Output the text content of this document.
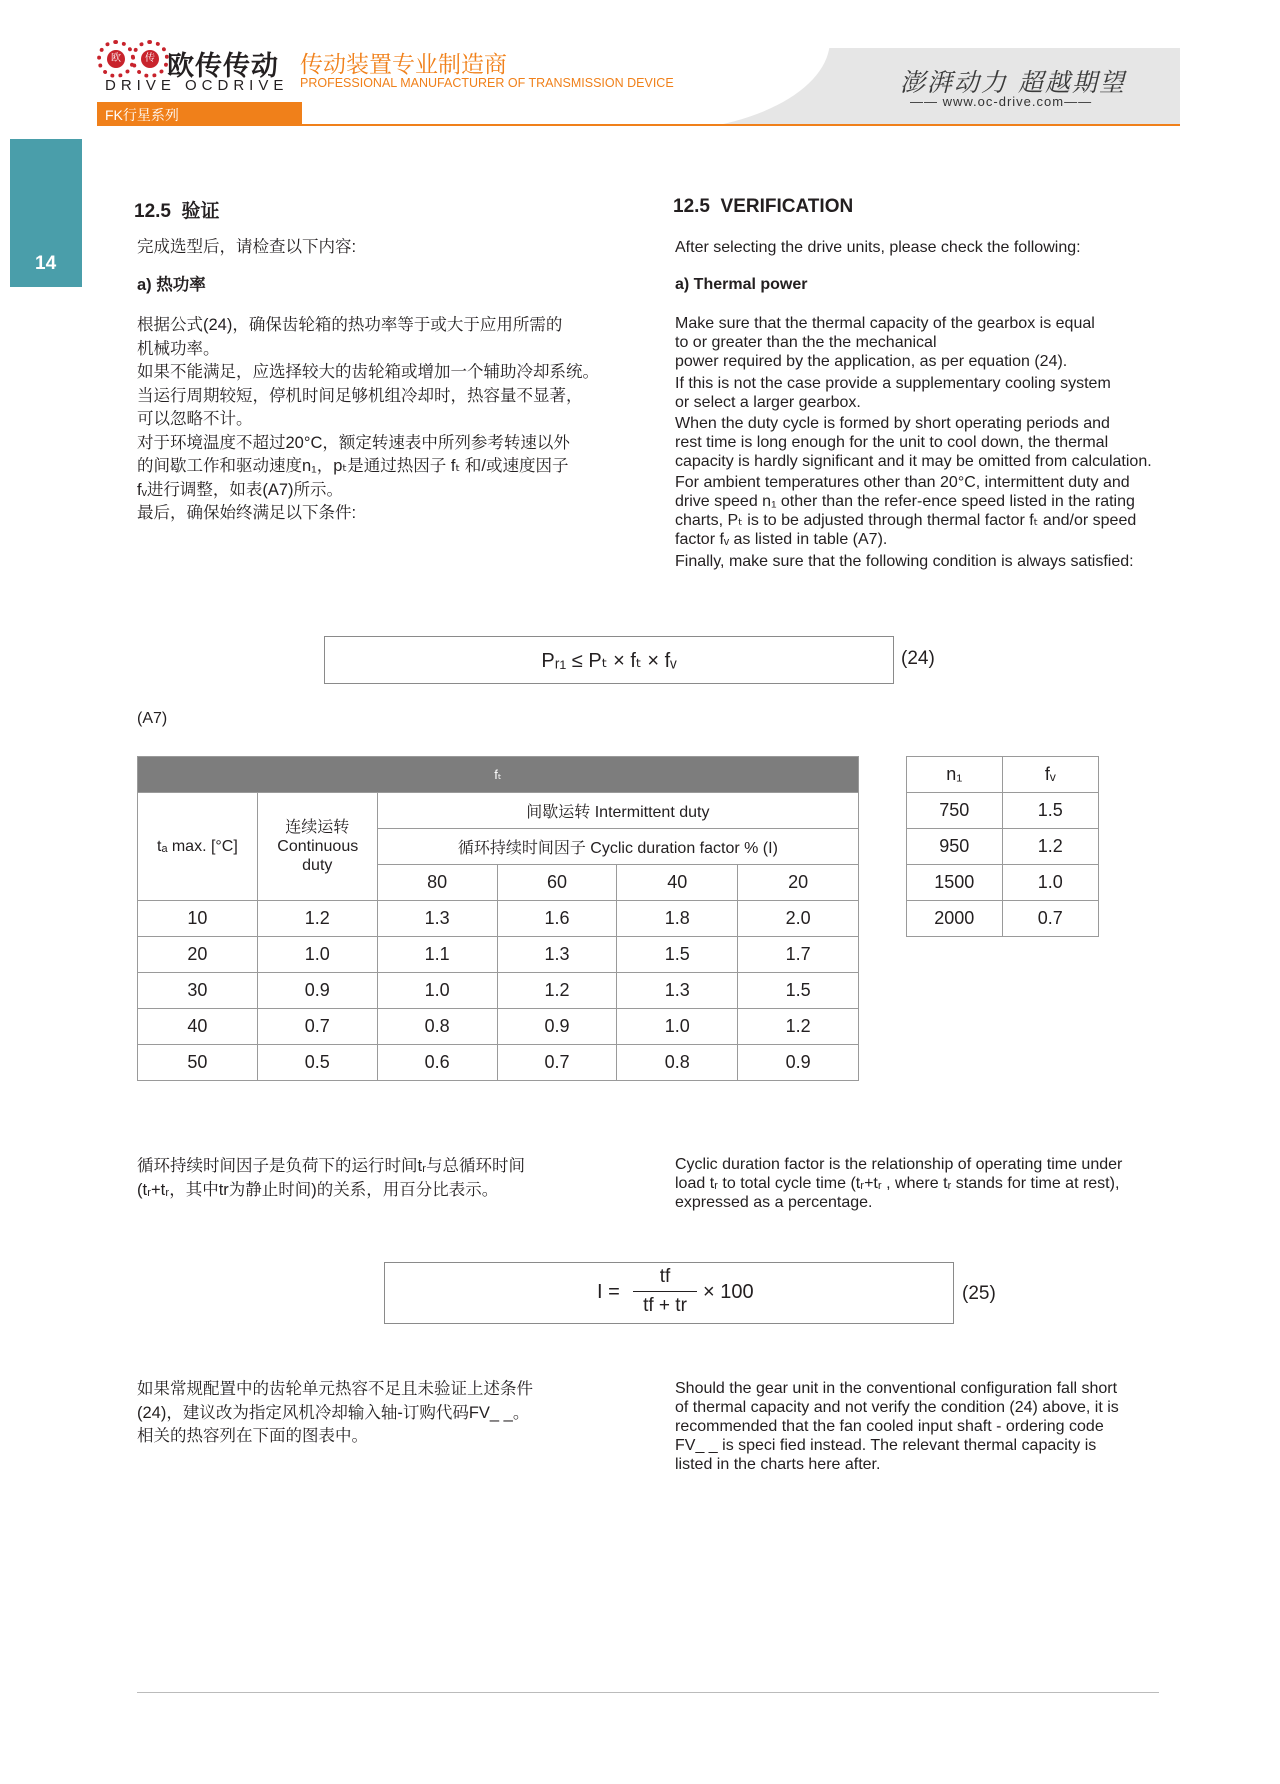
欧	传 欧传传动
DRIVE OCDRIVE
传动装置专业制造商
PROFESSIONAL MANUFACTURER OF TRANSMISSION DEVICE	澎湃动力 超越期望
—— www.oc-drive.com——
FK行星系列
14
12.5 验证
完成选型后，请检查以下内容:
a) 热功率
根据公式(24)，确保齿轮箱的热功率等于或大于应用所需的
机械功率。
如果不能满足，应选择较大的齿轮箱或增加一个辅助冷却系统。
当运行周期较短，停机时间足够机组冷却时，热容量不显著，
可以忽略不计。
对于环境温度不超过20°C，额定转速表中所列参考转速以外
的间歇工作和驱动速度n₁，pₜ是通过热因子 fₜ 和/或速度因子
fᵥ进行调整，如表(A7)所示。
最后，确保始终满足以下条件:
12.5 VERIFICATION
After selecting the drive units, please check the following:
a) Thermal power
Make sure that the thermal capacity of the gearbox is equal
to or greater than the the mechanical
power required by the application, as per equation (24).
If this is not the case provide a supplementary cooling system
or select a larger gearbox.
When the duty cycle is formed by short operating periods and
rest time is long enough for the unit to cool down, the thermal
capacity is hardly significant and it may be omitted from calculation.
For ambient temperatures other than 20°C, intermittent duty and
drive speed n₁ other than the refer-ence speed listed in the rating
charts, Pₜ is to be adjusted through thermal factor fₜ and/or speed
factor fᵥ as listed in table (A7).
Finally, make sure that the following condition is always satisfied:
Pᵣ₁ ≤ Pₜ × fₜ × fᵥ	(24)
(A7)
fₜ					
tₐ max. [°C]	连续运转
Continuous duty	间歇运转 Intermittent duty			
		循环持续时间因子 Cyclic duration factor % (I)			
		80	60	40	20
10	1.2	1.3	1.6	1.8	2.0
20	1.0	1.1	1.3	1.5	1.7
30	0.9	1.0	1.2	1.3	1.5
40	0.7	0.8	0.9	1.0	1.2
50	0.5	0.6	0.7	0.8	0.9
n₁	fᵥ
750	1.5
950	1.2
1500	1.0
2000	0.7
循环持续时间因子是负荷下的运行时间tᵣ与总循环时间
(tᵣ+tᵣ，其中tr为静止时间)的关系，用百分比表示。
Cyclic duration factor is the relationship of operating time under
load tᵣ to total cycle time (tᵣ+tᵣ , where tᵣ stands for time at rest),
expressed as a percentage.
I =
tf
tf + tr
× 100	(25)
如果常规配置中的齿轮单元热容不足且未验证上述条件
(24)，建议改为指定风机冷却输入轴-订购代码FV_ _。
相关的热容列在下面的图表中。
Should the gear unit in the conventional configuration fall short
of thermal capacity and not verify the condition (24) above, it is
recommended that the fan cooled input shaft - ordering code
FV_ _ is speci fied instead. The relevant thermal capacity is
listed in the charts here after.
